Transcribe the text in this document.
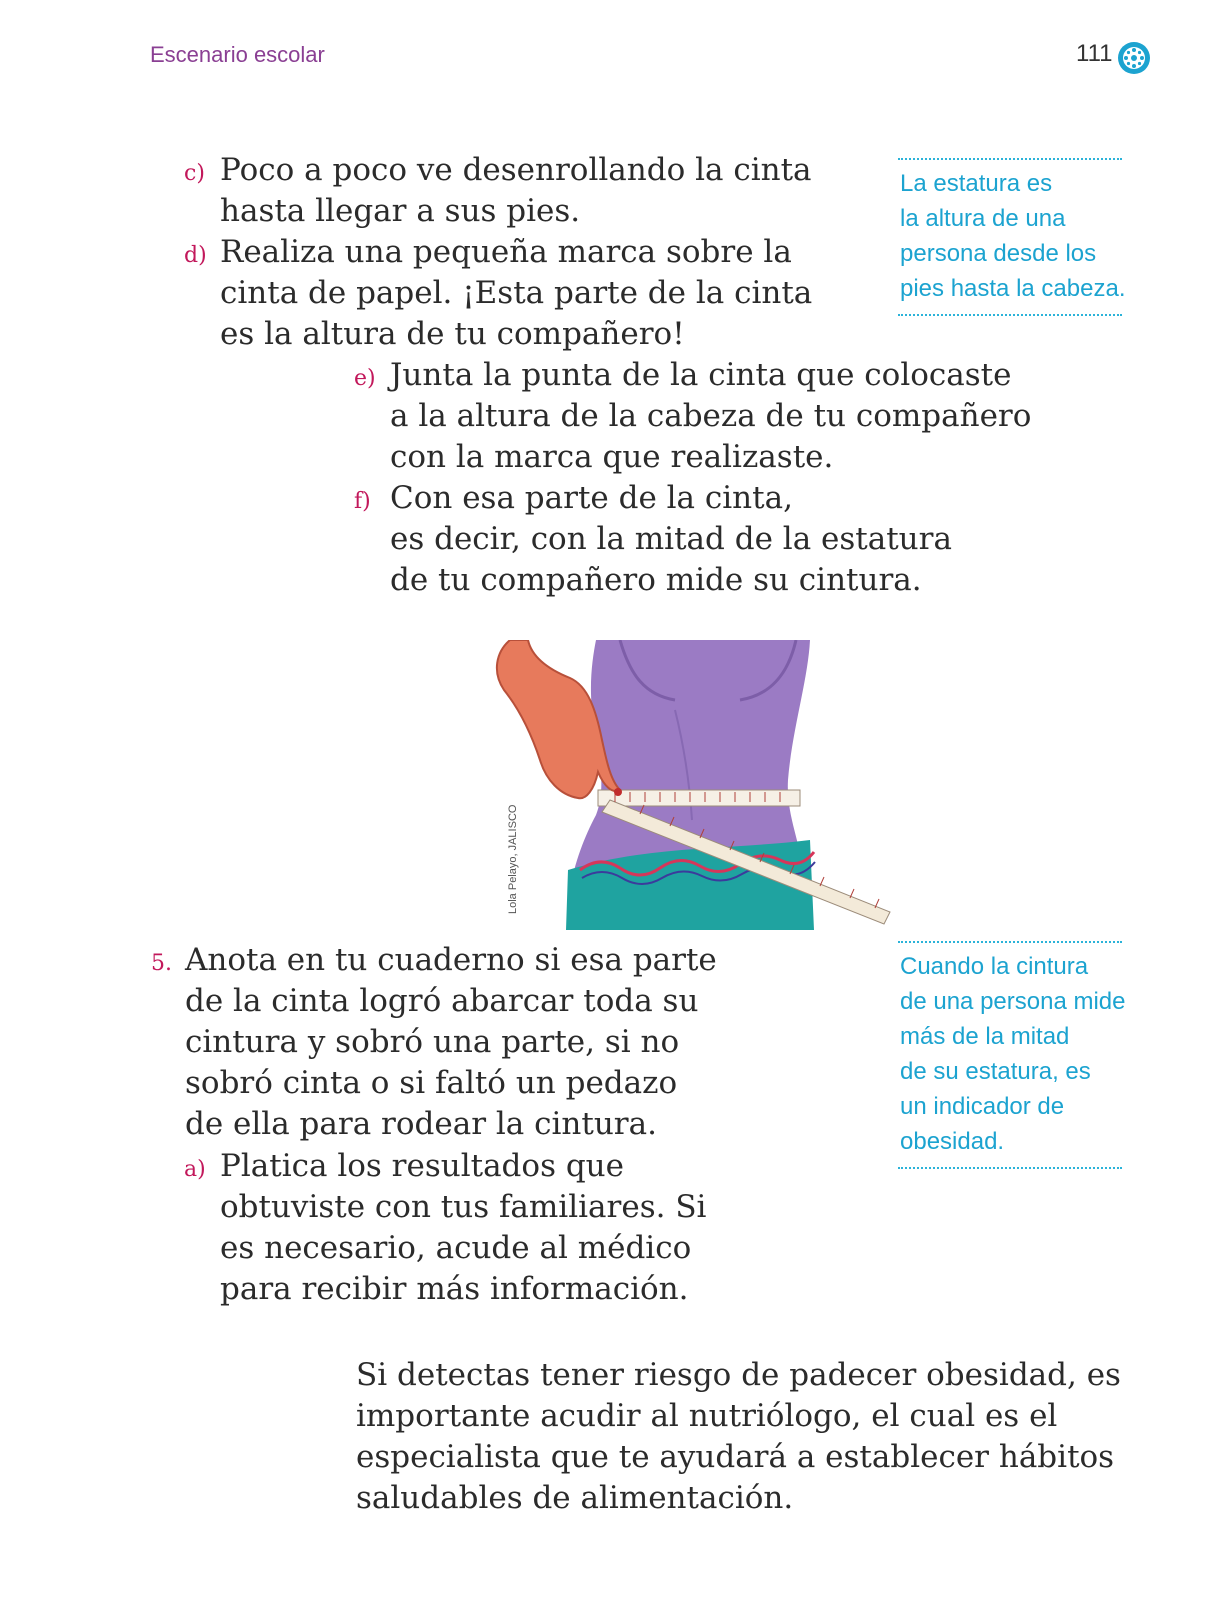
Escenario escolar	111
c) Poco a poco ve desenrollando la cinta
hasta llegar a sus pies.
d) Realiza una pequeña marca sobre la
cinta de papel. ¡Esta parte de la cinta
es la altura de tu compañero!
e) Junta la punta de la cinta que colocaste
a la altura de la cabeza de tu compañero
con la marca que realizaste.
f) Con esa parte de la cinta,
es decir, con la mitad de la estatura
de tu compañero mide su cintura.
La estatura es
la altura de una
persona desde los
pies hasta la cabeza.
Lola Pelayo, JALISCO
5. Anota en tu cuaderno si esa parte
de la cinta logró abarcar toda su
cintura y sobró una parte, si no
sobró cinta o si faltó un pedazo
de ella para rodear la cintura.
a) Platica los resultados que
obtuviste con tus familiares. Si
es necesario, acude al médico
para recibir más información.
Cuando la cintura
de una persona mide
más de la mitad
de su estatura, es
un indicador de
obesidad.
Si detectas tener riesgo de padecer obesidad, es
importante acudir al nutriólogo, el cual es el
especialista que te ayudará a establecer hábitos
saludables de alimentación.
